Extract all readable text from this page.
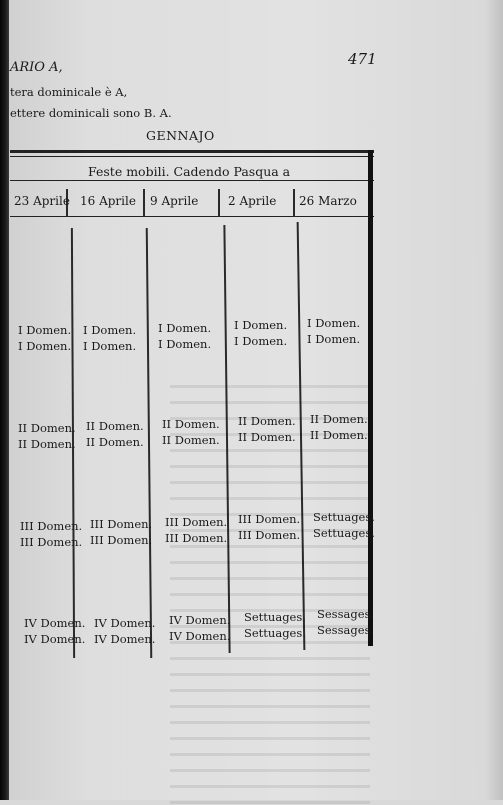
471
ARIO A,
tera dominicale è A,
ettere dominicali sono B. A.
GENNAJO
Feste mobili. Cadendo Pasqua a
23 Aprile 16 Aprile 9 Aprile 2 Aprile 26 Marzo
I Domen.
I Domen.
I Domen.
I Domen.
I Domen.
I Domen.
I Domen.
I Domen.
I Domen.
I Domen.
II Domen.
II Domen.
II Domen.
II Domen.
II Domen.
II Domen.
II Domen.
II Domen.
II Domen.
II Domen.
III Domen.
III Domen.
III Domen.
III Domen.
III Domen.
III Domen.
III Domen.
III Domen.
Settuages.
Settuages.
IV Domen.
IV Domen.
IV Domen.
IV Domen.
IV Domen.
IV Domen.
Settuages.
Settuages.
Sessages.
Sessages.
